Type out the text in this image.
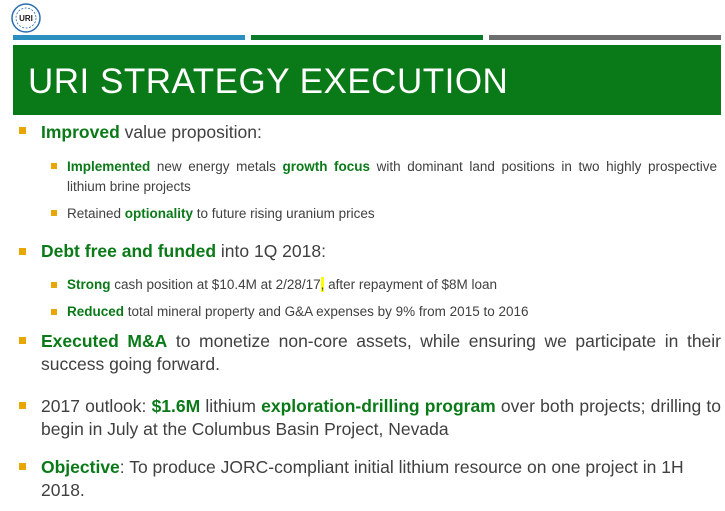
URI
URI STRATEGY EXECUTION
Improved value proposition:
Implemented new energy metals growth focus with dominant land positions in two highly prospective lithium brine projects
Retained optionality to future rising uranium prices
Debt free and funded into 1Q 2018:
Strong cash position at $10.4M at 2/28/17, after repayment of $8M loan
Reduced total mineral property and G&A expenses by 9% from 2015 to 2016
Executed M&A to monetize non-core assets, while ensuring we participate in their success going forward.
2017 outlook: $1.6M lithium exploration-drilling program over both projects; drilling to begin in July at the Columbus Basin Project, Nevada
Objective: To produce JORC-compliant initial lithium resource on one project in 1H 2018.
